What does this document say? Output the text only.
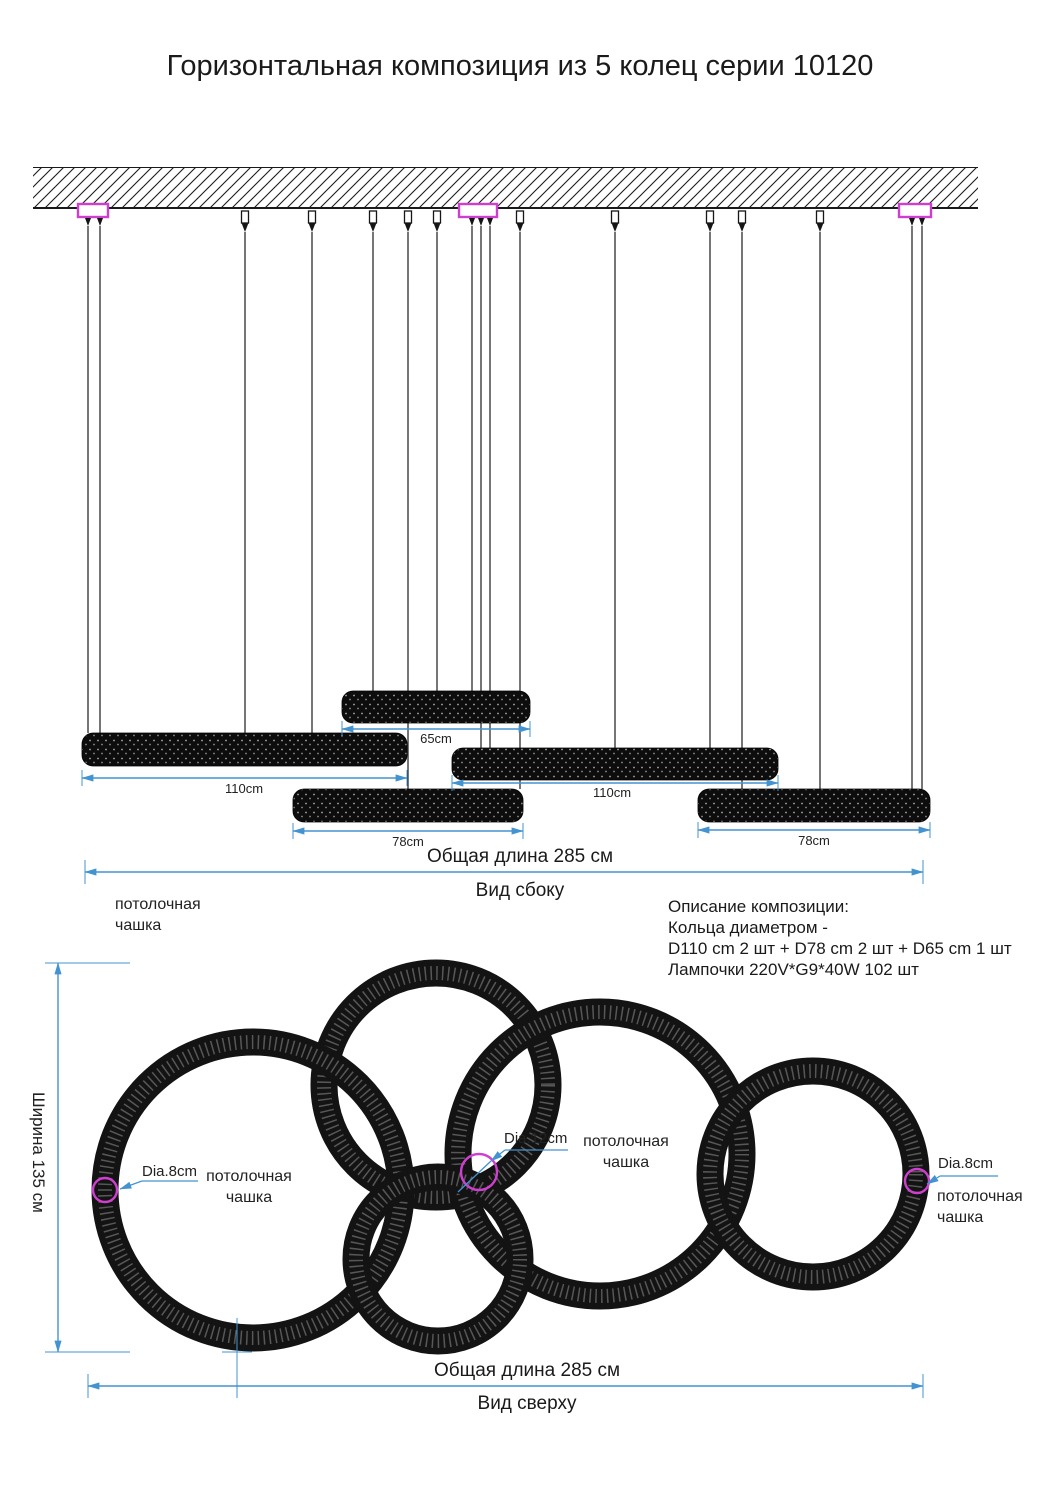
Горизонтальная композиция из 5 колец серии 10120
110cm
65cm
110cm
78cm	78cm
Общая длина 285 см
Вид сбоку
потолочная
чашка
Описание композиции:
Кольца диаметром -
D110 cm 2 шт + D78 cm 2 шт + D65 cm 1 шт
Лампочки 220V*G9*40W 102 шт
Ширина 135 см	Dia.8cm потолочная
чашка
Dia.12cm потолочная
чашка	Dia.8cm
потолочная
чашка
Общая длина 285 см
Вид сверху
